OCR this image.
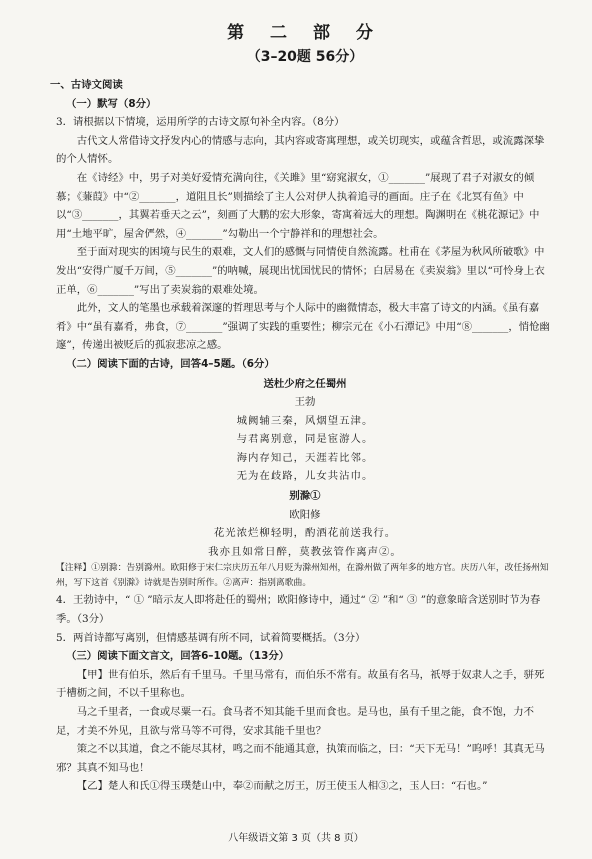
第 二 部 分

（3–20题 56分）

一、古诗文阅读

（一）默写（8分）

3．请根据以下情境，运用所学的古诗文原句补全内容。（8分）

古代文人常借诗文抒发内心的情感与志向，其内容或寄寓理想，或关切现实，或蕴含哲思，或流露深挚的个人情怀。

在《诗经》中，男子对美好爱情充满向往，《关雎》里“窈窕淑女，①_______”展现了君子对淑女的倾慕；《蒹葭》中“②_______，道阻且长”则描绘了主人公对伊人执着追寻的画面。庄子在《北冥有鱼》中以“③_______，其翼若垂天之云”，刻画了大鹏的宏大形象，寄寓着远大的理想。陶渊明在《桃花源记》中用“土地平旷，屋舍俨然，④_______”勾勒出一个宁静祥和的理想社会。

至于面对现实的困境与民生的艰难，文人们的感慨与同情使自然流露。杜甫在《茅屋为秋风所破歌》中发出“安得广厦千万间，⑤_______”的呐喊，展现出忧国忧民的情怀；白居易在《卖炭翁》里以“可怜身上衣正单，⑥_______”写出了卖炭翁的艰难处境。

此外，文人的笔墨也承载着深邃的哲理思考与个人际中的幽微情态，极大丰富了诗文的内涵。《虽有嘉肴》中“虽有嘉肴，弗食，⑦_______”强调了实践的重要性；柳宗元在《小石潭记》中用“⑧_______，悄怆幽邃”，传递出被贬后的孤寂悲凉之感。

（二）阅读下面的古诗，回答4–5题。（6分）

送杜少府之任蜀州

王勃

城阙辅三秦，风烟望五津。

与君离别意，同是宦游人。

海内存知己，天涯若比邻。

无为在歧路，儿女共沾巾。

别滁①

欧阳修

花光浓烂柳轻明，酌酒花前送我行。

我亦且如常日醉，莫教弦管作离声②。

【注释】①别滁：告别滁州。欧阳修于宋仁宗庆历五年八月贬为滁州知州，在滁州做了两年多的地方官。庆历八年，改任扬州知州，写下这首《别滁》诗就是告别时所作。②离声：指别离歌曲。

4．王勃诗中，“ ① ”暗示友人即将赴任的蜀州；欧阳修诗中，通过“ ② ”和“ ③ ”的意象暗含送别时节为春季。（3分）

5．两首诗都写离别，但情感基调有所不同，试着简要概括。（3分）

（三）阅读下面文言文，回答6–10题。（13分）

【甲】世有伯乐，然后有千里马。千里马常有，而伯乐不常有。故虽有名马，祇辱于奴隶人之手，骈死于槽枥之间，不以千里称也。

马之千里者，一食或尽粟一石。食马者不知其能千里而食也。是马也，虽有千里之能，食不饱，力不足，才美不外见，且欲与常马等不可得，安求其能千里也？

策之不以其道，食之不能尽其材，鸣之而不能通其意，执策而临之，曰：“天下无马！”呜呼！其真无马邪？其真不知马也！

【乙】楚人和氏①得玉璞楚山中，奉②而献之厉王，厉王使玉人相③之，玉人曰：“石也。”

八年级语文第 3 页（共 8 页）
